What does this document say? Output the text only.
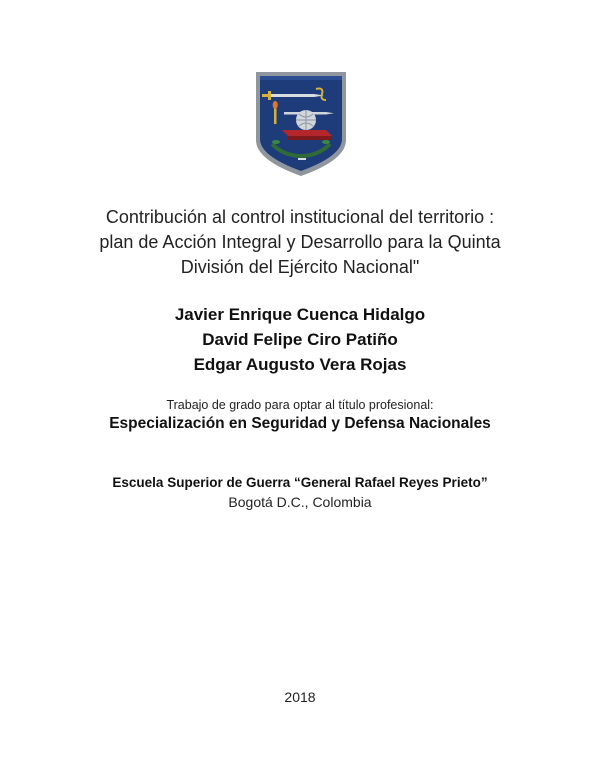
Contribución al control institucional del territorio :
plan de Acción Integral y Desarrollo para la Quinta
División del Ejército Nacional"
Javier Enrique Cuenca Hidalgo
David Felipe Ciro Patiño
Edgar Augusto Vera Rojas
Trabajo de grado para optar al título profesional:
Especialización en Seguridad y Defensa Nacionales
Escuela Superior de Guerra “General Rafael Reyes Prieto”
Bogotá D.C., Colombia
2018
